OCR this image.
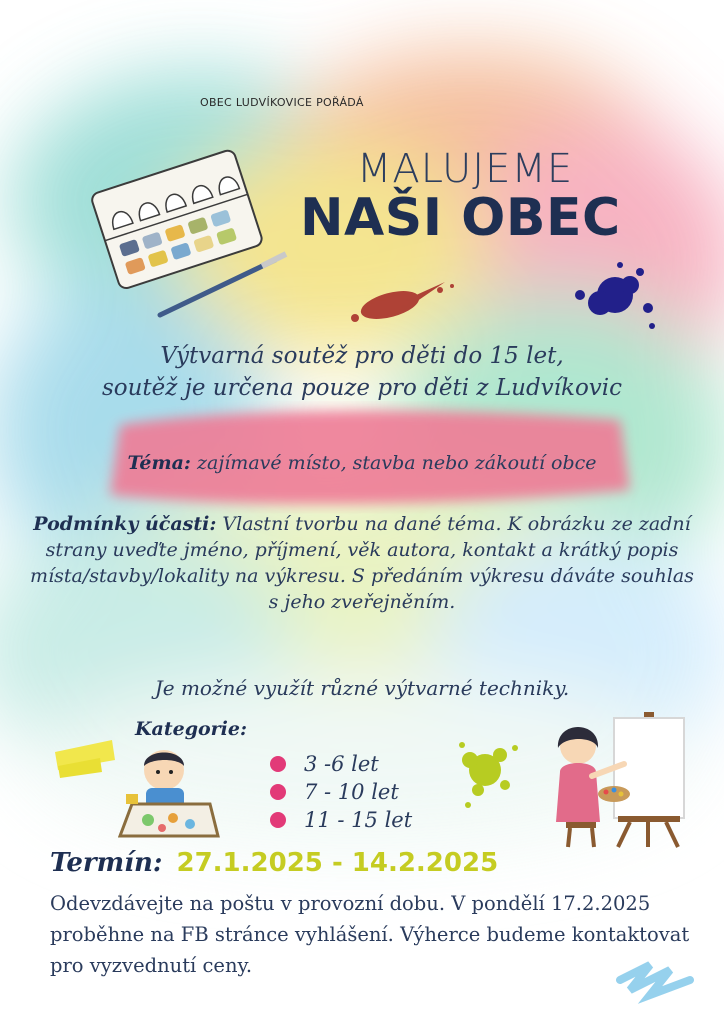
OBEC LUDVÍKOVICE POŘÁDÁ
MALUJEME
NAŠI OBEC
Výtvarná soutěž pro děti do 15 let,
soutěž je určena pouze pro děti z Ludvíkovic
Téma: zajímavé místo, stavba nebo zákoutí obce
Podmínky účasti: Vlastní tvorbu na dané téma. K obrázku ze zadní strany uveďte jméno, příjmení, věk autora, kontakt a krátký popis místa/stavby/lokality na výkresu. S předáním výkresu dáváte souhlas s jeho zveřejněním.
Je možné využít různé výtvarné techniky.
Kategorie:
3 -6 let
7 - 10 let
11 - 15 let
Termín: 27.1.2025 - 14.2.2025
Odevzdávejte na poštu v provozní dobu. V pondělí 17.2.2025 proběhne na FB stránce vyhlášení. Výherce budeme kontaktovat pro vyzvednutí ceny.
